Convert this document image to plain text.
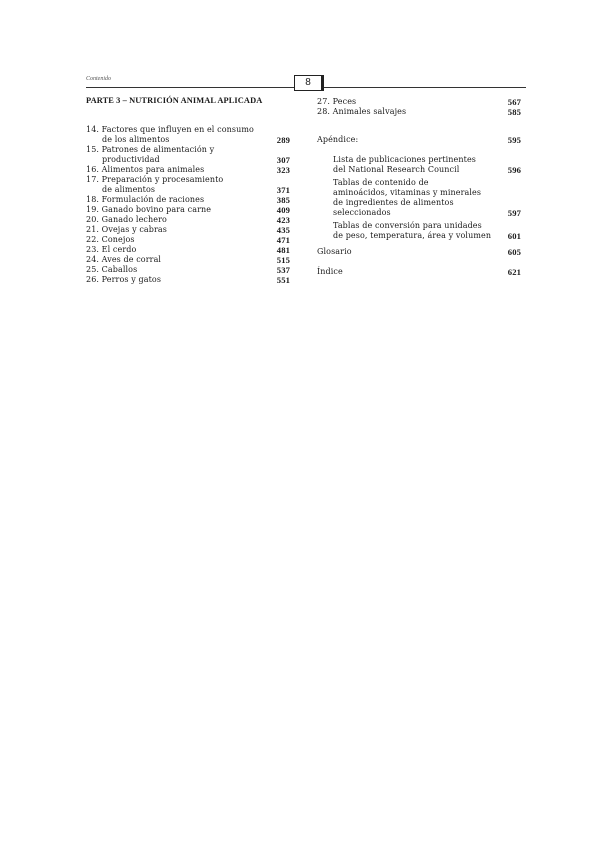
Contenido	8
PARTE 3 – NUTRICIÓN ANIMAL APLICADA
14. Factores que influyen en el consumo
de los alimentos	289
15. Patrones de alimentación y
productividad	307
16. Alimentos para animales	323
17. Preparación y procesamiento
de alimentos	371
18. Formulación de raciones	385
19. Ganado bovino para carne	409
20. Ganado lechero	423
21. Ovejas y cabras	435
22. Conejos	471
23. El cerdo	481
24. Aves de corral	515
25. Caballos	537
26. Perros y gatos	551
27. Peces	567
28. Animales salvajes	585
Apéndice:	595
Lista de publicaciones pertinentes
del National Research Council	596
Tablas de contenido de
aminoácidos, vitaminas y minerales
de ingredientes de alimentos
seleccionados	597
Tablas de conversión para unidades
de peso, temperatura, área y volumen	601
Glosario	605
Índice	621
